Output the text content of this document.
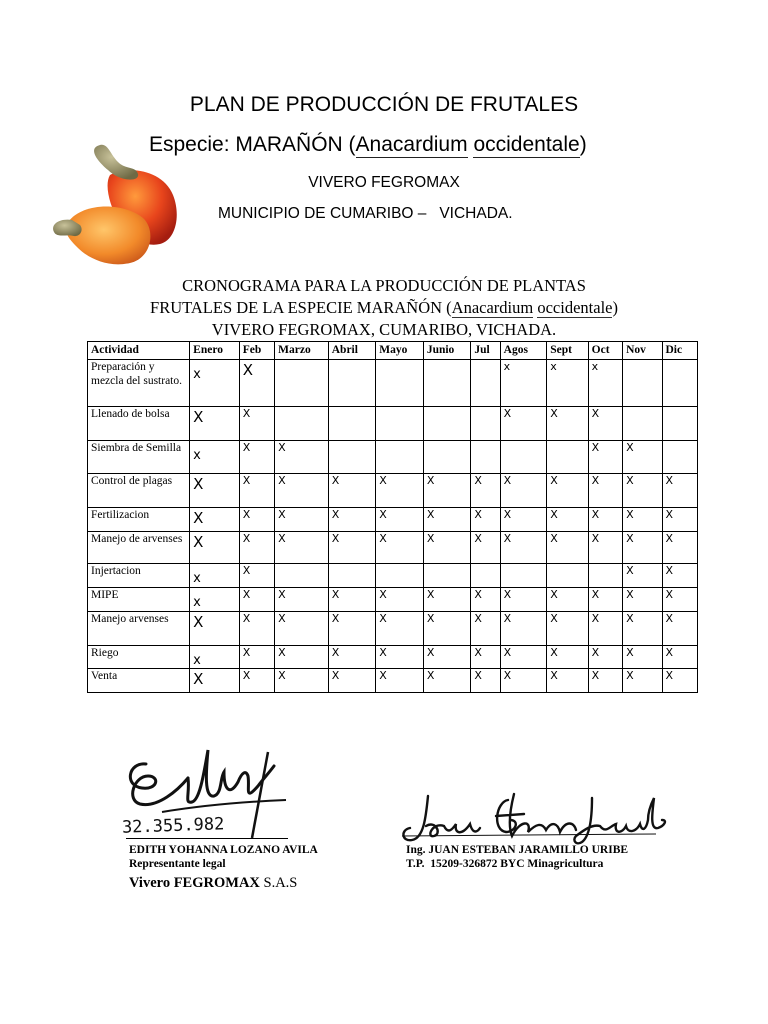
PLAN DE PRODUCCIÓN DE FRUTALES
Especie: MARAÑÓN (Anacardium occidentale)
VIVERO FEGROMAX
MUNICIPIO DE CUMARIBO –   VICHADA.
CRONOGRAMA PARA LA PRODUCCIÓN DE PLANTAS
FRUTALES DE LA ESPECIE MARAÑÓN (Anacardium occidentale)
VIVERO FEGROMAX, CUMARIBO, VICHADA.
Actividad	Enero	Feb	Marzo	Abril	Mayo	Junio	Jul	Agos	Sept	Oct	Nov	Dic
Preparación y mezcla del sustrato.	x	X						x	x	x		
Llenado de bolsa	X	X						X	X	X		
Siembra de Semilla	x	X	X							X	X	
Control de plagas	X	X	X	X	X	X	X	X	X	X	X	X
Fertilizacion	X	X	X	X	X	X	X	X	X	X	X	X
Manejo de arvenses	X	X	X	X	X	X	X	X	X	X	X	X
Injertacion	x	X									X	X
MIPE	x	X	X	X	X	X	X	X	X	X	X	X
Manejo arvenses	X	X	X	X	X	X	X	X	X	X	X	X
Riego	x	X	X	X	X	X	X	X	X	X	X	X
Venta	X	X	X	X	X	X	X	X	X	X	X	X
32.355.982
EDITH YOHANNA LOZANO AVILA
Representante legal
Vivero FEGROMAX S.A.S
Ing. JUAN ESTEBAN JARAMILLO URIBE
T.P.  15209-326872 BYC Minagricultura
